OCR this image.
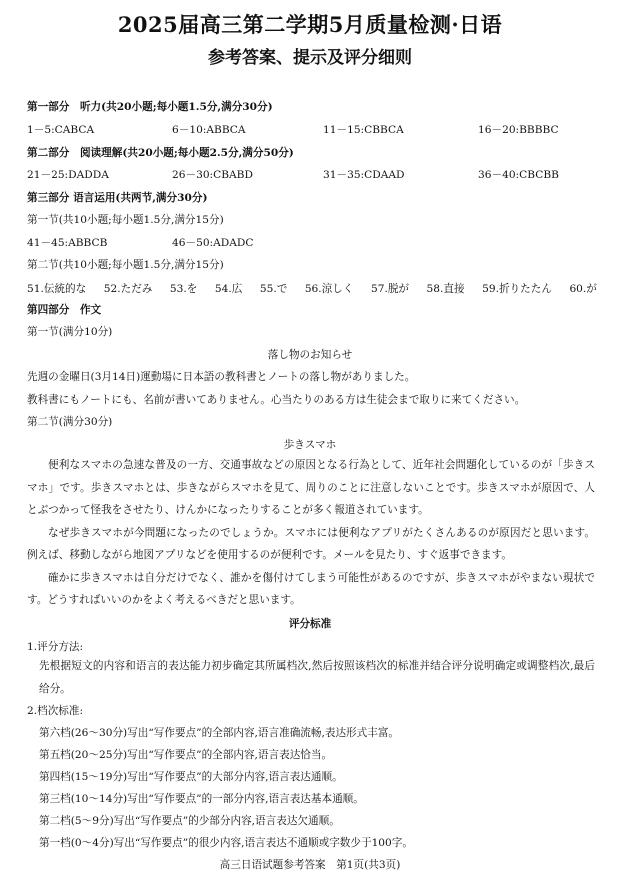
2025届高三第二学期5月质量检测·日语
参考答案、提示及评分细则
第一部分　听力(共20小题;每小题1.5分,满分30分)
1－5:CABCA	6－10:ABBCA	11－15:CBBCA	16－20:BBBBC
第二部分　阅读理解(共20小题;每小题2.5分,满分50分)
21－25:DADDA	26－30:CBABD	31－35:CDAAD	36－40:CBCBB
第三部分 语言运用(共两节,满分30分)
第一节(共10小题;每小题1.5分,满分15分)
41－45:ABBCB	46－50:ADADC
第二节(共10小题;每小题1.5分,满分15分)
51.伝統的な 52.ただみ 53.を 54.広 55.で 56.涼しく 57.脱が 58.直接 59.折りたたん 60.が
第四部分　作文
第一节(满分10分)
落し物のお知らせ
先週の金曜日(3月14日)運動場に日本語の教科書とノートの落し物がありました。
教科書にもノートにも、名前が書いてありません。心当たりのある方は生徒会まで取りに来てください。
第二节(满分30分)
歩きスマホ

便利なスマホの急速な普及の一方、交通事故などの原因となる行為として、近年社会問題化しているのが「歩きスマホ」です。歩きスマホとは、歩きながらスマホを見て、周りのことに注意しないことです。歩きスマホが原因で、人とぶつかって怪我をさせたり、けんかになったりすることが多く報道されています。

なぜ歩きスマホが今問題になったのでしょうか。スマホには便利なアプリがたくさんあるのが原因だと思います。例えば、移動しながら地図アプリなどを使用するのが便利です。メールを見たり、すぐ返事できます。

確かに歩きスマホは自分だけでなく、誰かを傷付けてしまう可能性があるのですが、歩きスマホがやまない現状です。どうすればいいのかをよく考えるべきだと思います。

评分标准
1.评分方法:

先根据短文的内容和语言的表达能力初步确定其所属档次,然后按照该档次的标准并结合评分说明确定或调整档次,最后给分。

2.档次标准:
第六档(26～30分)写出“写作要点”的全部内容,语言准确流畅,表达形式丰富。
第五档(20～25分)写出“写作要点”的全部内容,语言表达恰当。
第四档(15～19分)写出“写作要点”的大部分内容,语言表达通顺。
第三档(10～14分)写出“写作要点”的一部分内容,语言表达基本通顺。
第二档(5～9分)写出“写作要点”的少部分内容,语言表达欠通顺。
第一档(0～4分)写出“写作要点”的很少内容,语言表达不通顺或字数少于100字。
高三日语试题参考答案　第1页(共3页)
